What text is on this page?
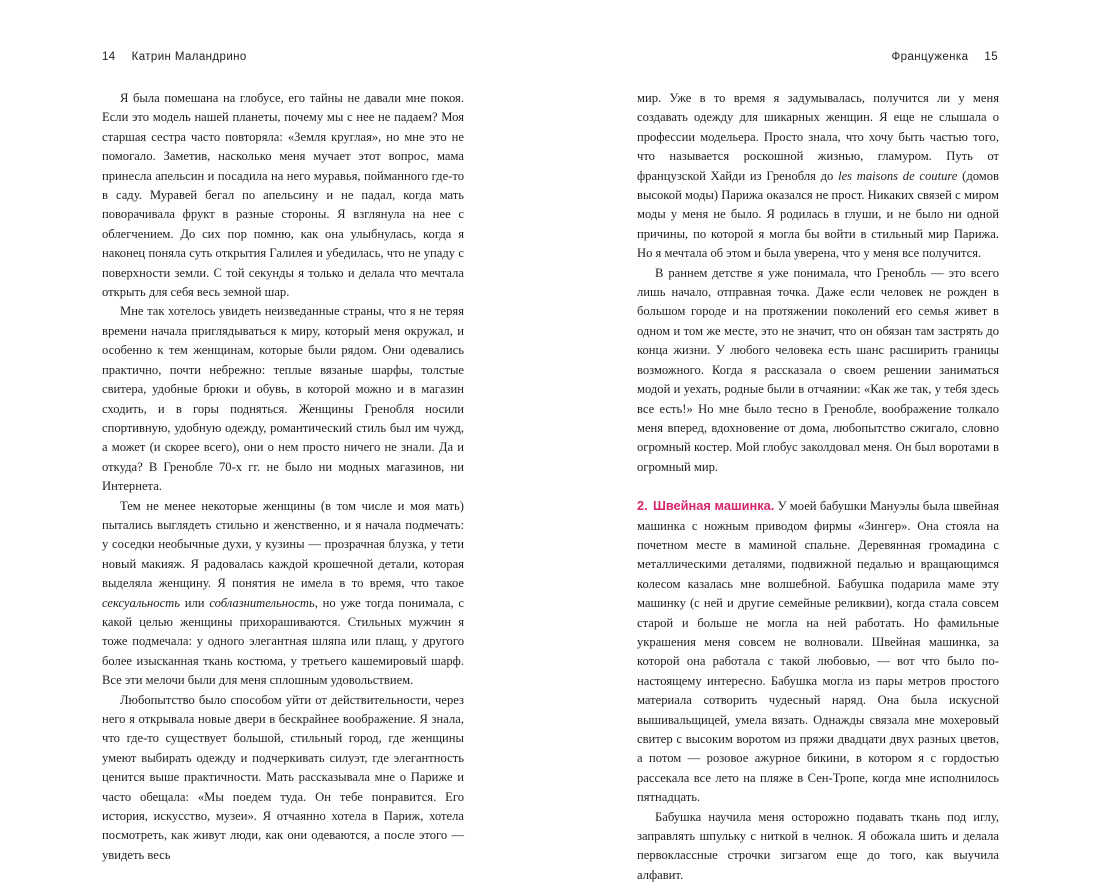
14 Катрин Маландрино

Я была помешана на глобусе, его тайны не давали мне покоя. Если это модель нашей планеты, почему мы с нее не падаем? Моя старшая сестра часто повторяла: «Земля круглая», но мне это не помогало. Заметив, насколько меня мучает этот вопрос, мама принесла апельсин и посадила на него муравья, пойманного где-то в саду. Муравей бегал по апельсину и не падал, когда мать поворачивала фрукт в разные стороны. Я взглянула на нее с облегчением. До сих пор помню, как она улыбнулась, когда я наконец поняла суть открытия Галилея и убедилась, что не упаду с поверхности земли. С той секунды я только и делала что мечтала открыть для себя весь земной шар.

Мне так хотелось увидеть неизведанные страны, что я не теряя времени начала приглядываться к миру, который меня окружал, и особенно к тем женщинам, которые были рядом. Они одевались практично, почти небрежно: теплые вязаные шарфы, толстые свитера, удобные брюки и обувь, в которой можно и в магазин сходить, и в горы подняться. Женщины Гренобля носили спортивную, удобную одежду, романтический стиль был им чужд, а может (и скорее всего), они о нем просто ничего не знали. Да и откуда? В Гренобле 70-х гг. не было ни модных магазинов, ни Интернета.

Тем не менее некоторые женщины (в том числе и моя мать) пытались выглядеть стильно и женственно, и я начала подмечать: у соседки необычные духи, у кузины — прозрачная блузка, у тети новый макияж. Я радовалась каждой крошечной детали, которая выделяла женщину. Я понятия не имела в то время, что такое сексуальность или соблазнительность, но уже тогда понимала, с какой целью женщины прихорашиваются. Стильных мужчин я тоже подмечала: у одного элегантная шляпа или плащ, у другого более изысканная ткань костюма, у третьего кашемировый шарф. Все эти мелочи были для меня сплошным удовольствием.

Любопытство было способом уйти от действительности, через него я открывала новые двери в бескрайнее воображение. Я знала, что где-то существует большой, стильный город, где женщины умеют выбирать одежду и подчеркивать силуэт, где элегантность ценится выше практичности. Мать рассказывала мне о Париже и часто обещала: «Мы поедем туда. Он тебе понравится. Его история, искусство, музеи». Я отчаянно хотела в Париж, хотела посмотреть, как живут люди, как они одеваются, а после этого — увидеть весь

Француженка 15

мир. Уже в то время я задумывалась, получится ли у меня создавать одежду для шикарных женщин. Я еще не слышала о профессии модельера. Просто знала, что хочу быть частью того, что называется роскошной жизнью, гламуром. Путь от французской Хайди из Гренобля до les maisons de couture (домов высокой моды) Парижа оказался не прост. Никаких связей с миром моды у меня не было. Я родилась в глуши, и не было ни одной причины, по которой я могла бы войти в стильный мир Парижа. Но я мечтала об этом и была уверена, что у меня все получится.

В раннем детстве я уже понимала, что Гренобль — это всего лишь начало, отправная точка. Даже если человек не рожден в большом городе и на протяжении поколений его семья живет в одном и том же месте, это не значит, что он обязан там застрять до конца жизни. У любого человека есть шанс расширить границы возможного. Когда я рассказала о своем решении заниматься модой и уехать, родные были в отчаянии: «Как же так, у тебя здесь все есть!» Но мне было тесно в Гренобле, воображение толкало меня вперед, вдохновение от дома, любопытство сжигало, словно огромный костер. Мой глобус заколдовал меня. Он был воротами в огромный мир.

2. Швейная машинка. У моей бабушки Мануэлы была швейная машинка с ножным приводом фирмы «Зингер». Она стояла на почетном месте в маминой спальне. Деревянная громадина с металлическими деталями, подвижной педалью и вращающимся колесом казалась мне волшебной. Бабушка подарила маме эту машинку (с ней и другие семейные реликвии), когда стала совсем старой и больше не могла на ней работать. Но фамильные украшения меня совсем не волновали. Швейная машинка, за которой она работала с такой любовью, — вот что было по-настоящему интересно. Бабушка могла из пары метров простого материала сотворить чудесный наряд. Она была искусной вышивальщицей, умела вязать. Однажды связала мне мохеровый свитер с высоким воротом из пряжи двадцати двух разных цветов, а потом — розовое ажурное бикини, в котором я с гордостью рассекала все лето на пляже в Сен-Тропе, когда мне исполнилось пятнадцать.

Бабушка научила меня осторожно подавать ткань под иглу, заправлять шпульку с ниткой в челнок. Я обожала шить и делала первоклассные строчки зигзагом еще до того, как выучила алфавит.
